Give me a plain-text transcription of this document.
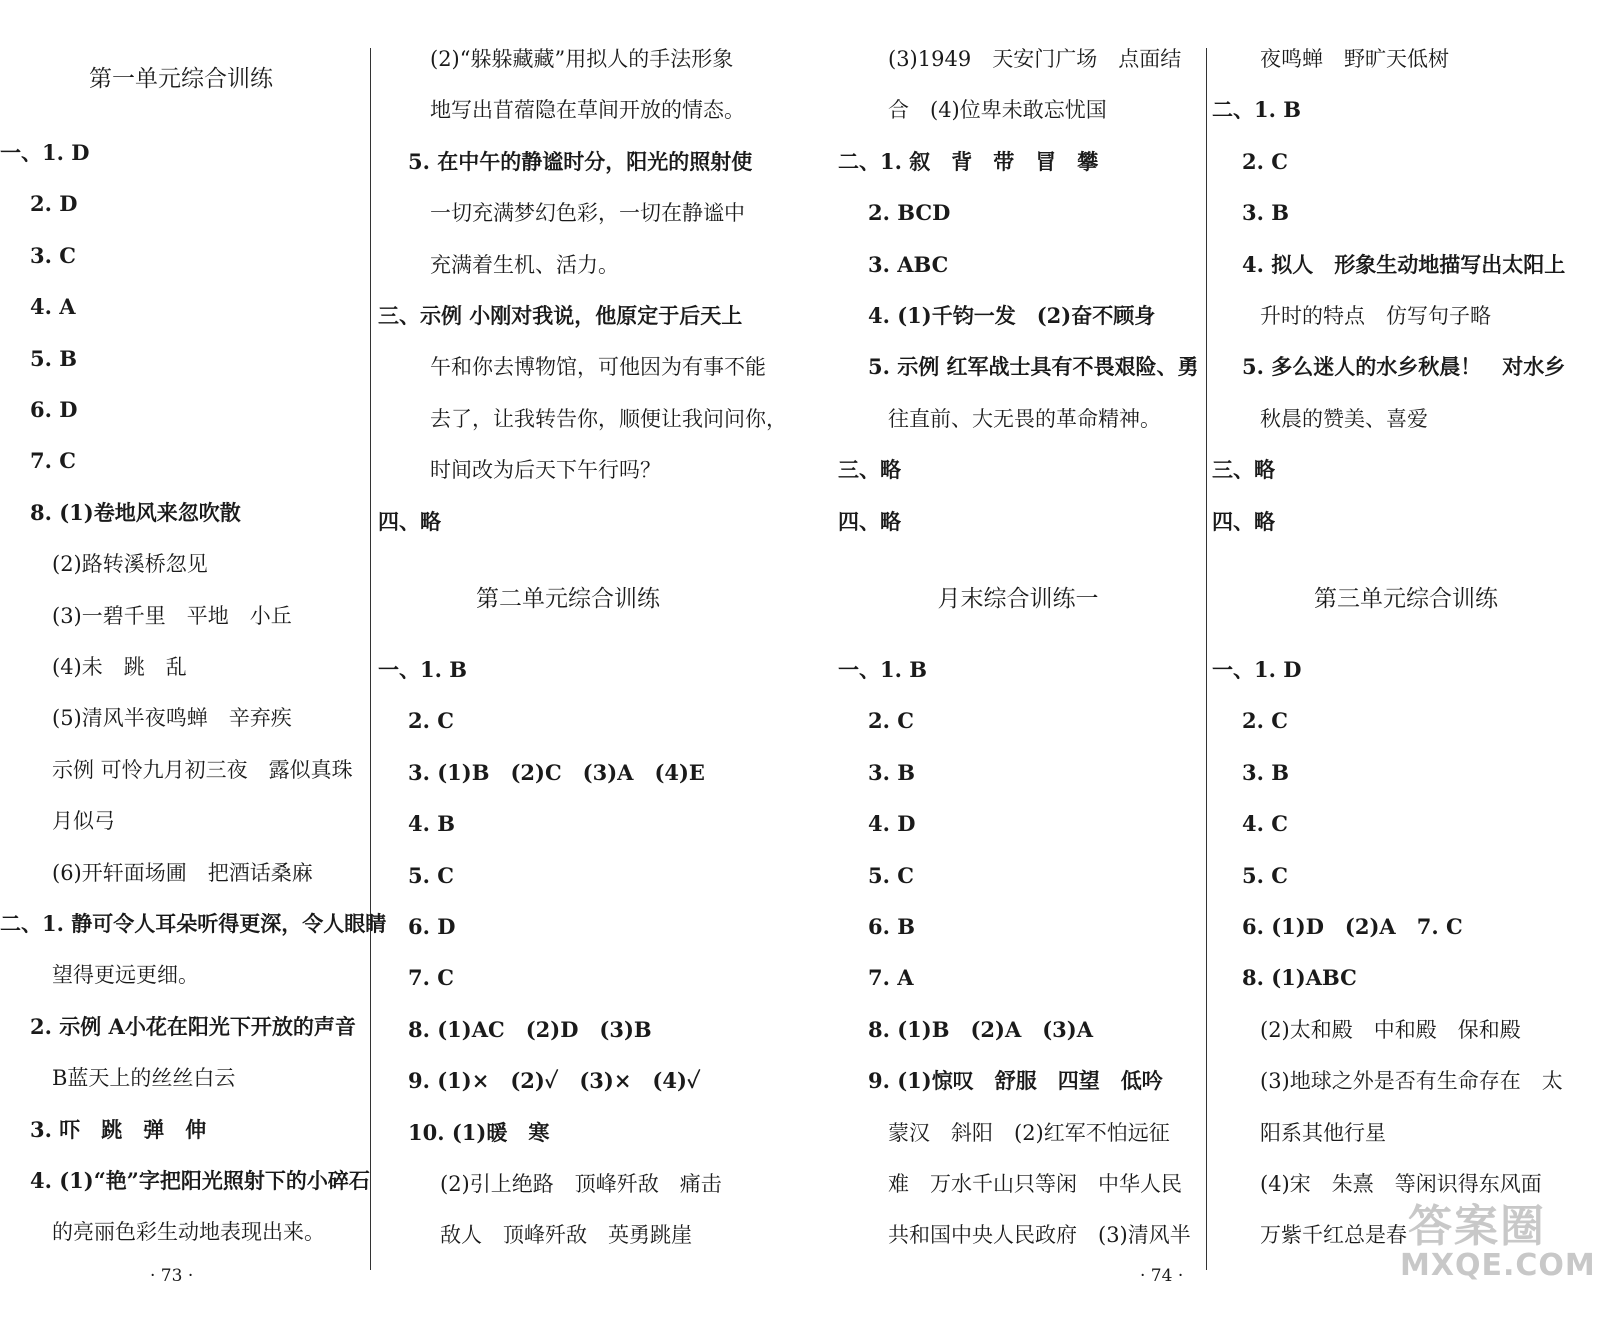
第一单元综合训练
一、1. D
2. D
3. C
4. A
5. B
6. D
7. C
8. (1)卷地风来忽吹散
(2)路转溪桥忽见
(3)一碧千里　平地　小丘
(4)未　跳　乱
(5)清风半夜鸣蝉　辛弃疾
示例 可怜九月初三夜　露似真珠
月似弓
(6)开轩面场圃　把酒话桑麻
二、1. 静可令人耳朵听得更深，令人眼睛
望得更远更细。
2. 示例 A小花在阳光下开放的声音
B蓝天上的丝丝白云
3. 吓　跳　弹　伸
4. (1)“艳”字把阳光照射下的小碎石
的亮丽色彩生动地表现出来。
(2)“躲躲藏藏”用拟人的手法形象
地写出苜蓿隐在草间开放的情态。
5. 在中午的静谧时分，阳光的照射使
一切充满梦幻色彩，一切在静谧中
充满着生机、活力。
三、示例 小刚对我说，他原定于后天上
午和你去博物馆，可他因为有事不能
去了，让我转告你，顺便让我问问你，
时间改为后天下午行吗？
四、略
第二单元综合训练
一、1. B
2. C
3. (1)B　(2)C　(3)A　(4)E
4. B
5. C
6. D
7. C
8. (1)AC　(2)D　(3)B
9. (1)×　(2)✓　(3)×　(4)✓
10. (1)暖　寒
(2)引上绝路　顶峰歼敌　痛击
敌人　顶峰歼敌　英勇跳崖
(3)1949　天安门广场　点面结
合　(4)位卑未敢忘忧国
二、1. 叙　背　带　冒　攀
2. BCD
3. ABC
4. (1)千钧一发　(2)奋不顾身
5. 示例 红军战士具有不畏艰险、勇
往直前、大无畏的革命精神。
三、略
四、略
月末综合训练一
一、1. B
2. C
3. B
4. D
5. C
6. B
7. A
8. (1)B　(2)A　(3)A
9. (1)惊叹　舒服　四望　低吟
蒙汉　斜阳　(2)红军不怕远征
难　万水千山只等闲　中华人民
共和国中央人民政府　(3)清风半
夜鸣蝉　野旷天低树
二、1. B
2. C
3. B
4. 拟人　形象生动地描写出太阳上
升时的特点　仿写句子略
5. 多么迷人的水乡秋晨！　对水乡
秋晨的赞美、喜爱
三、略
四、略
第三单元综合训练
一、1. D
2. C
3. B
4. C
5. C
6. (1)D　(2)A　7. C
8. (1)ABC
(2)太和殿　中和殿　保和殿
(3)地球之外是否有生命存在　太
阳系其他行星
(4)宋　朱熹　等闲识得东风面
万紫千红总是春
· 73 ·	· 74 ·
答案圈
MXQE.COM
